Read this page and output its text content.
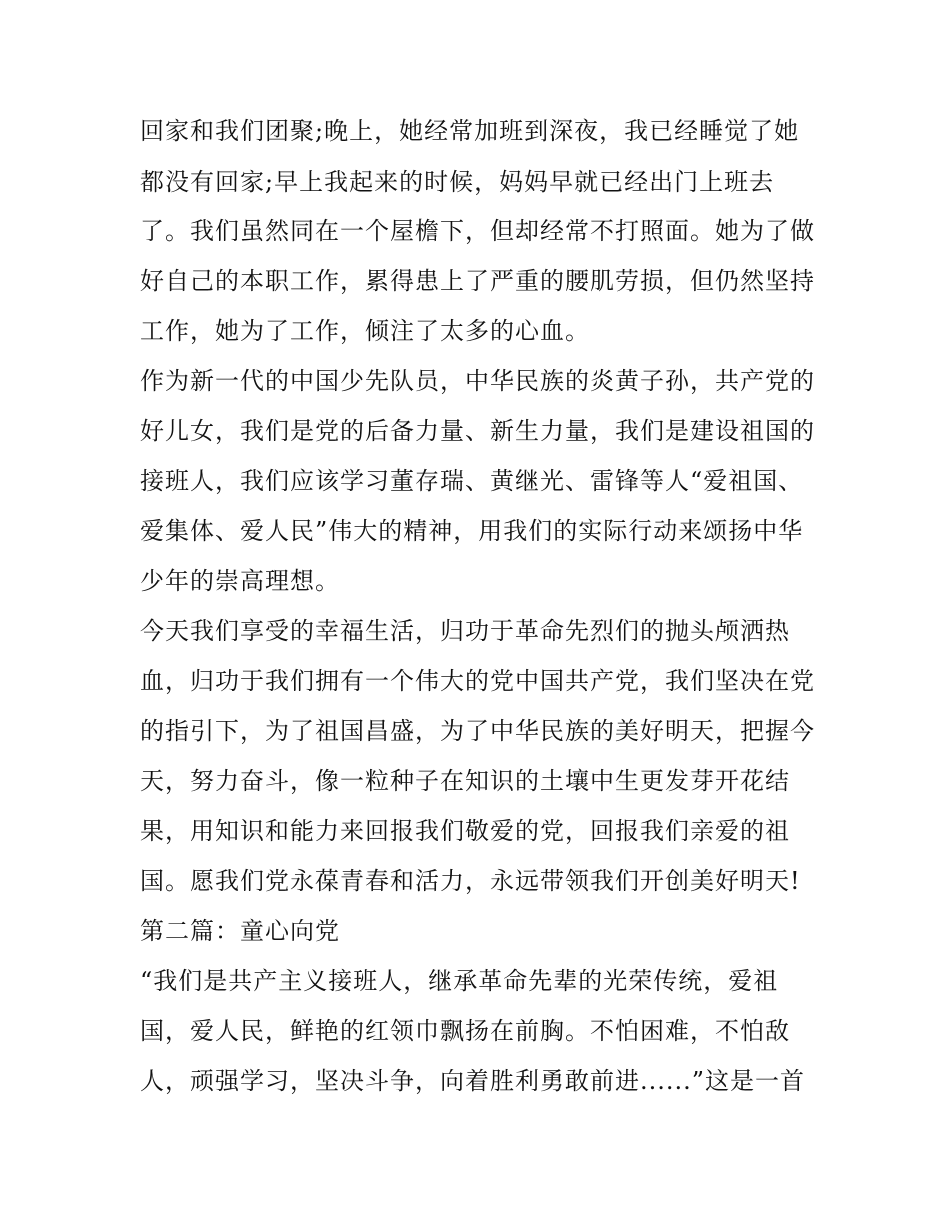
回家和我们团聚;晚上，她经常加班到深夜，我已经睡觉了她
都没有回家;早上我起来的时候，妈妈早就已经出门上班去
了。我们虽然同在一个屋檐下，但却经常不打照面。她为了做
好自己的本职工作，累得患上了严重的腰肌劳损，但仍然坚持
工作，她为了工作，倾注了太多的心血。
作为新一代的中国少先队员，中华民族的炎黄子孙，共产党的
好儿女，我们是党的后备力量、新生力量，我们是建设祖国的
接班人，我们应该学习董存瑞、黄继光、雷锋等人“爱祖国、
爱集体、爱人民”伟大的精神，用我们的实际行动来颂扬中华
少年的崇高理想。
今天我们享受的幸福生活，归功于革命先烈们的抛头颅洒热
血，归功于我们拥有一个伟大的党中国共产党，我们坚决在党
的指引下，为了祖国昌盛，为了中华民族的美好明天，把握今
天，努力奋斗，像一粒种子在知识的土壤中生更发芽开花结
果，用知识和能力来回报我们敬爱的党，回报我们亲爱的祖
国。愿我们党永葆青春和活力，永远带领我们开创美好明天!
第二篇：童心向党
“我们是共产主义接班人，继承革命先辈的光荣传统，爱祖
国，爱人民，鲜艳的红领巾飘扬在前胸。不怕困难，不怕敌
人，顽强学习，坚决斗争，向着胜利勇敢前进......”这是一首
